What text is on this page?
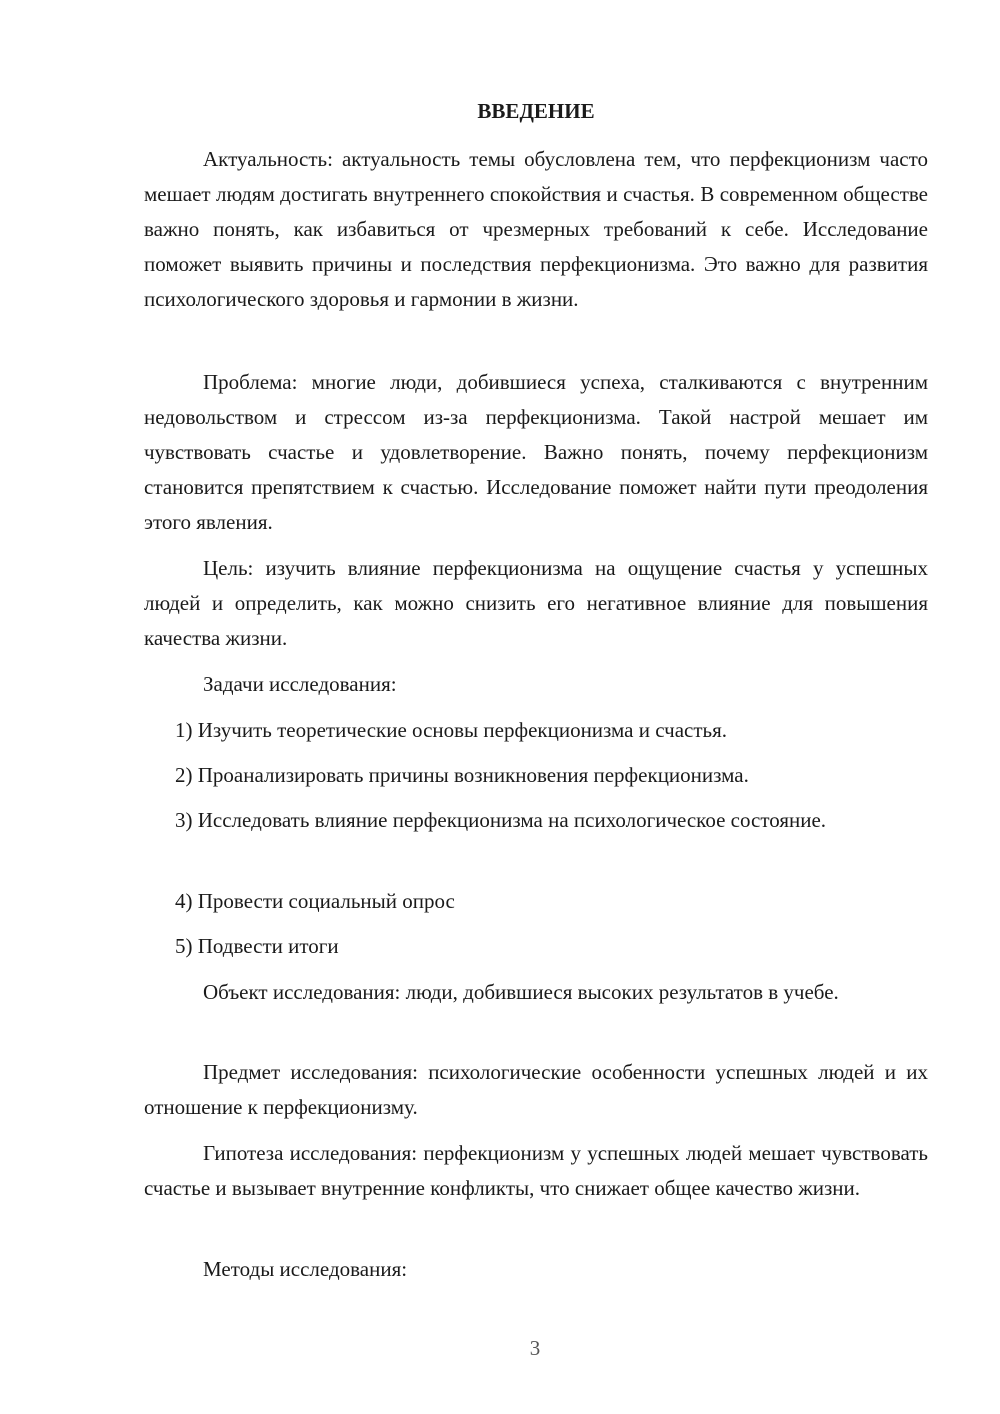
ВВЕДЕНИЕ

Актуальность: актуальность темы обусловлена тем, что перфекционизм часто мешает людям достигать внутреннего спокойствия и счастья. В современном обществе важно понять, как избавиться от чрезмерных требований к себе. Исследование поможет выявить причины и последствия перфекционизма. Это важно для развития психологического здоровья и гармонии в жизни.

Проблема: многие люди, добившиеся успеха, сталкиваются с внутренним недовольством и стрессом из-за перфекционизма. Такой настрой мешает им чувствовать счастье и удовлетворение. Важно понять, почему перфекционизм становится препятствием к счастью. Исследование поможет найти пути преодоления этого явления.

Цель: изучить влияние перфекционизма на ощущение счастья у успешных людей и определить, как можно снизить его негативное влияние для повышения качества жизни.

Задачи исследования:

1) Изучить теоретические основы перфекционизма и счастья.

2) Проанализировать причины возникновения перфекционизма.

3) Исследовать влияние перфекционизма на психологическое состояние.

4) Провести социальный опрос

5) Подвести итоги

Объект исследования: люди, добившиеся высоких результатов в учебе.

Предмет исследования: психологические особенности успешных людей и их отношение к перфекционизму.

Гипотеза исследования: перфекционизм у успешных людей мешает чувствовать счастье и вызывает внутренние конфликты, что снижает общее качество жизни.

Методы исследования:

3
